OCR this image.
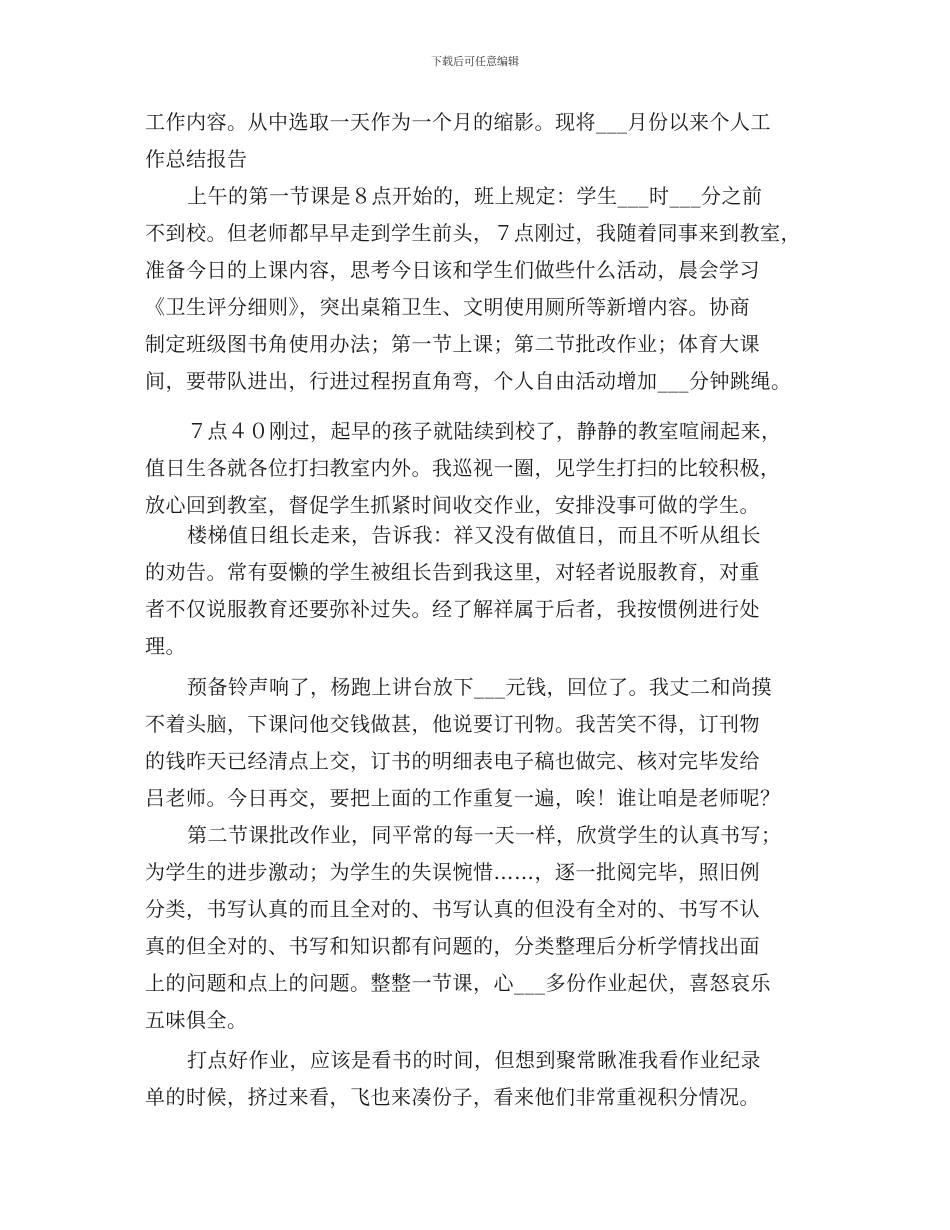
下载后可任意编辑
工作内容。从中选取一天作为一个月的缩影。现将___月份以来个人工
作总结报告
上午的第一节课是８点开始的，班上规定：学生___时___分之前
不到校。但老师都早早走到学生前头，７点刚过，我随着同事来到教室，
准备今日的上课内容，思考今日该和学生们做些什么活动，晨会学习
《卫生评分细则》，突出桌箱卫生、文明使用厕所等新增内容。协商
制定班级图书角使用办法；第一节上课；第二节批改作业；体育大课
间，要带队进出，行进过程拐直角弯，个人自由活动增加___分钟跳绳。
７点４０刚过，起早的孩子就陆续到校了，静静的教室喧闹起来，
值日生各就各位打扫教室内外。我巡视一圈，见学生打扫的比较积极，
放心回到教室，督促学生抓紧时间收交作业，安排没事可做的学生。
楼梯值日组长走来，告诉我：祥又没有做值日，而且不听从组长
的劝告。常有耍懒的学生被组长告到我这里，对轻者说服教育，对重
者不仅说服教育还要弥补过失。经了解祥属于后者，我按惯例进行处
理。
预备铃声响了，杨跑上讲台放下___元钱，回位了。我丈二和尚摸
不着头脑，下课问他交钱做甚，他说要订刊物。我苦笑不得，订刊物
的钱昨天已经清点上交，订书的明细表电子稿也做完、核对完毕发给
吕老师。今日再交，要把上面的工作重复一遍，唉！谁让咱是老师呢？
第二节课批改作业，同平常的每一天一样，欣赏学生的认真书写；
为学生的进步激动；为学生的失误惋惜……，逐一批阅完毕，照旧例
分类，书写认真的而且全对的、书写认真的但没有全对的、书写不认
真的但全对的、书写和知识都有问题的，分类整理后分析学情找出面
上的问题和点上的问题。整整一节课，心___多份作业起伏，喜怒哀乐
五味俱全。
打点好作业，应该是看书的时间，但想到聚常瞅准我看作业纪录
单的时候，挤过来看，飞也来凑份子，看来他们非常重视积分情况。
